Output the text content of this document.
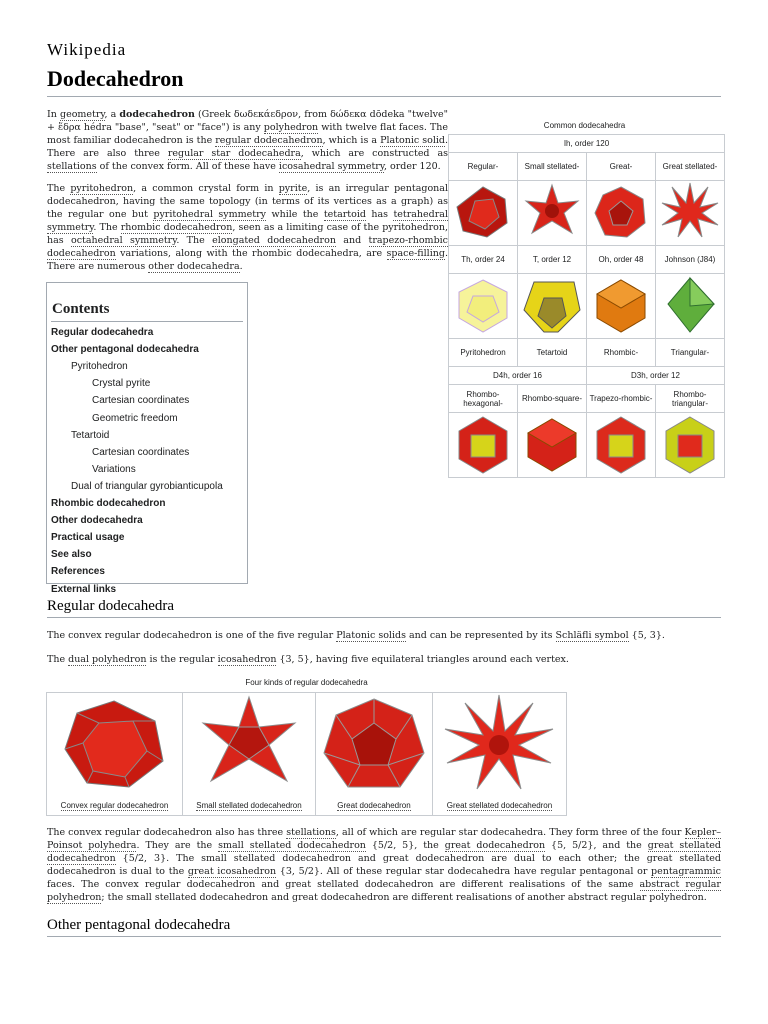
Wikipedia
Dodecahedron

In geometry, a dodecahedron (Greek δωδεκάεδρον, from δώδεκα dōdeka "twelve" + ἕδρα hédra "base", "seat" or "face") is any polyhedron with twelve flat faces. The most familiar dodecahedron is the regular dodecahedron, which is a Platonic solid. There are also three regular star dodecahedra, which are constructed as stellations of the convex form. All of these have icosahedral symmetry, order 120.

The pyritohedron, a common crystal form in pyrite, is an irregular pentagonal dodecahedron, having the same topology (in terms of its vertices as a graph) as the regular one but pyritohedral symmetry while the tetartoid has tetrahedral symmetry. The rhombic dodecahedron, seen as a limiting case of the pyritohedron, has octahedral symmetry. The elongated dodecahedron and trapezo-rhombic dodecahedron variations, along with the rhombic dodecahedra, are space-filling. There are numerous other dodecahedra.

Common dodecahedra
Ih, order 120			
Regular-	Small stellated-	Great-	Great stellated-

Th, order 24	T, order 12	Oh, order 48	Johnson (J84)

Pyritohedron	Tetartoid	Rhombic-	Triangular-
D4h, order 16		D3h, order 12	
Rhombo-hexagonal-	Rhombo-square-	Trapezo-rhombic-	Rhombo-triangular-

Contents
Regular dodecahedra
Other pentagonal dodecahedra
Pyritohedron
Crystal pyrite
Cartesian coordinates
Geometric freedom
Tetartoid
Cartesian coordinates
Variations
Dual of triangular gyrobianticupola
Rhombic dodecahedron
Other dodecahedra
Practical usage
See also
References
External links
Regular dodecahedra

The convex regular dodecahedron is one of the five regular Platonic solids and can be represented by its Schläfli symbol {5, 3}.

The dual polyhedron is the regular icosahedron {3, 5}, having five equilateral triangles around each vertex.

Four kinds of regular dodecahedra
Convex regular dodecahedron	Small stellated dodecahedron	Great dodecahedron	Great stellated dodecahedron

The convex regular dodecahedron also has three stellations, all of which are regular star dodecahedra. They form three of the four Kepler–Poinsot polyhedra. They are the small stellated dodecahedron {5/2, 5}, the great dodecahedron {5, 5/2}, and the great stellated dodecahedron {5/2, 3}. The small stellated dodecahedron and great dodecahedron are dual to each other; the great stellated dodecahedron is dual to the great icosahedron {3, 5/2}. All of these regular star dodecahedra have regular pentagonal or pentagrammic faces. The convex regular dodecahedron and great stellated dodecahedron are different realisations of the same abstract regular polyhedron; the small stellated dodecahedron and great dodecahedron are different realisations of another abstract regular polyhedron.

Other pentagonal dodecahedra
